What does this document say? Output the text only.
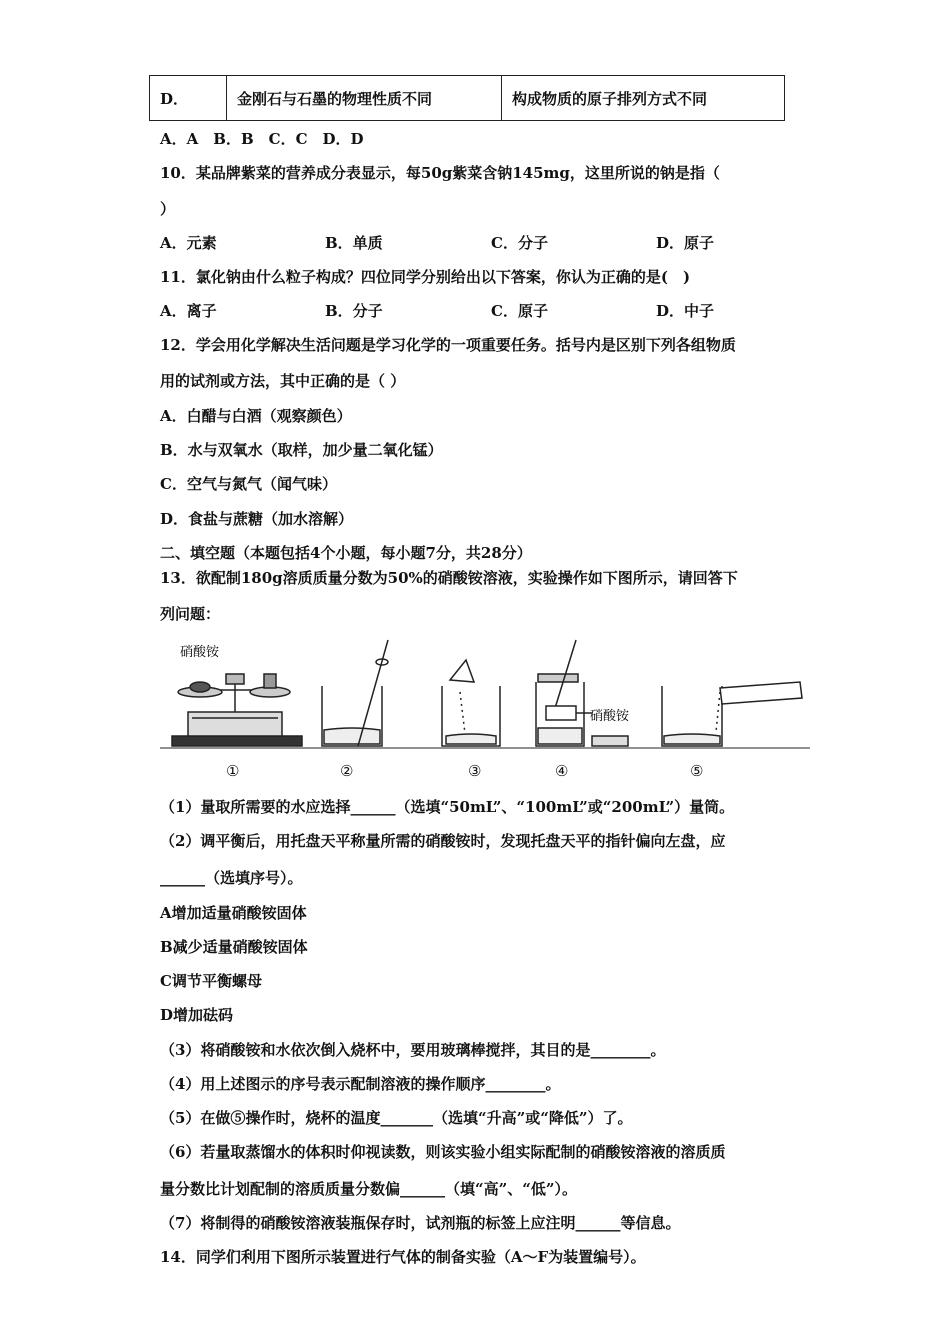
D．	金刚石与石墨的物理性质不同	构成物质的原子排列方式不同
A．A　B．B　C．C　D．D
10．某品牌紫菜的营养成分表显示，每50g紫菜含钠145mg，这里所说的钠是指（
）
A．元素	B．单质	C．分子	D．原子
11．氯化钠由什么粒子构成？四位同学分别给出以下答案，你认为正确的是(　)
A．离子	B．分子	C．原子	D．中子
12．学会用化学解决生活问题是学习化学的一项重要任务。括号内是区别下列各组物质
用的试剂或方法，其中正确的是（ ）
A．白醋与白酒（观察颜色）
B．水与双氧水（取样，加少量二氧化锰）
C．空气与氮气（闻气味）
D．食盐与蔗糖（加水溶解）
二、填空题（本题包括4个小题，每小题7分，共28分）
13．欲配制180g溶质质量分数为50%的硝酸铵溶液，实验操作如下图所示，请回答下
列问题：
硝酸铵
硝酸铵
①	②	③	④	⑤
（1）量取所需要的水应选择______（选填“50mL”、“100mL”或“200mL”）量筒。
（2）调平衡后，用托盘天平称量所需的硝酸铵时，发现托盘天平的指针偏向左盘，应
______（选填序号）。
A增加适量硝酸铵固体
B减少适量硝酸铵固体
C调节平衡螺母
D增加砝码
（3）将硝酸铵和水依次倒入烧杯中，要用玻璃棒搅拌，其目的是________。
（4）用上述图示的序号表示配制溶液的操作顺序________。
（5）在做⑤操作时，烧杯的温度_______（选填“升高”或“降低”）了。
（6）若量取蒸馏水的体积时仰视读数，则该实验小组实际配制的硝酸铵溶液的溶质质
量分数比计划配制的溶质质量分数偏______（填“高”、“低”）。
（7）将制得的硝酸铵溶液装瓶保存时，试剂瓶的标签上应注明______等信息。
14．同学们利用下图所示装置进行气体的制备实验（A～F为装置编号）。
